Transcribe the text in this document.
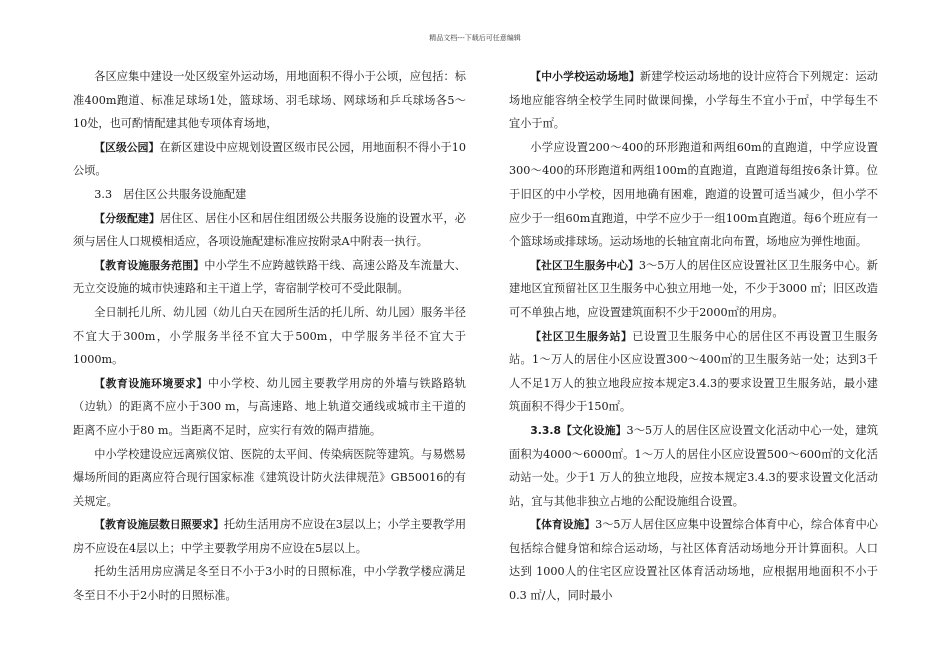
精品文档---下载后可任意编辑

各区应集中建设一处区级室外运动场，用地面积不得小于公顷，应包括：标准400m跑道、标准足球场1处，篮球场、羽毛球场、网球场和乒乓球场各5～10处，也可酌情配建其他专项体育场地，

【区级公园】在新区建设中应规划设置区级市民公园，用地面积不得小于10公顷。

3.3　居住区公共服务设施配建

【分级配建】居住区、居住小区和居住组团级公共服务设施的设置水平，必须与居住人口规模相适应，各项设施配建标准应按附录A中附表一执行。

【教育设施服务范围】中小学生不应跨越铁路干线、高速公路及车流量大、无立交设施的城市快速路和主干道上学，寄宿制学校可不受此限制。

全日制托儿所、幼儿园（幼儿白天在园所生活的托儿所、幼儿园）服务半径不宜大于300m，小学服务半径不宜大于500m，中学服务半径不宜大于1000m。

【教育设施环境要求】中小学校、幼儿园主要教学用房的外墙与铁路路轨（边轨）的距离不应小于300 m，与高速路、地上轨道交通线或城市主干道的距离不应小于80 m。当距离不足时，应实行有效的隔声措施。

中小学校建设应远离殡仪馆、医院的太平间、传染病医院等建筑。与易燃易爆场所间的距离应符合现行国家标准《建筑设计防火法律规范》GB50016的有关规定。

【教育设施层数日照要求】托幼生活用房不应设在3层以上；小学主要教学用房不应设在4层以上；中学主要教学用房不应设在5层以上。

托幼生活用房应满足冬至日不小于3小时的日照标准，中小学教学楼应满足冬至日不小于2小时的日照标准。

【中小学校运动场地】新建学校运动场地的设计应符合下列规定：运动场地应能容纳全校学生同时做课间操，小学每生不宜小于㎡，中学每生不宜小于㎡。

小学应设置200～400的环形跑道和两组60m的直跑道，中学应设置300～400的环形跑道和两组100m的直跑道，直跑道每组按6条计算。位于旧区的中小学校，因用地确有困难，跑道的设置可适当减少，但小学不应少于一组60m直跑道，中学不应少于一组100m直跑道。每6个班应有一个篮球场或排球场。运动场地的长轴宜南北向布置，场地应为弹性地面。

【社区卫生服务中心】3～5万人的居住区应设置社区卫生服务中心。新建地区宜预留社区卫生服务中心独立用地一处，不少于3000 ㎡；旧区改造可不单独占地，应设置建筑面积不少于2000㎡的用房。

【社区卫生服务站】已设置卫生服务中心的居住区不再设置卫生服务站。1～万人的居住小区应设置300～400㎡的卫生服务站一处；达到3千人不足1万人的独立地段应按本规定3.4.3的要求设置卫生服务站，最小建筑面积不得少于150㎡。

3.3.8【文化设施】3～5万人的居住区应设置文化活动中心一处，建筑面积为4000～6000㎡。1～万人的居住小区应设置500～600㎡的文化活动站一处。少于1 万人的独立地段，应按本规定3.4.3的要求设置文化活动站，宜与其他非独立占地的公配设施组合设置。

【体育设施】3～5万人居住区应集中设置综合体育中心，综合体育中心包括综合健身馆和综合运动场，与社区体育活动场地分开计算面积。人口达到 1000人的住宅区应设置社区体育活动场地，应根据用地面积不小于0.3 ㎡/人，同时最小
